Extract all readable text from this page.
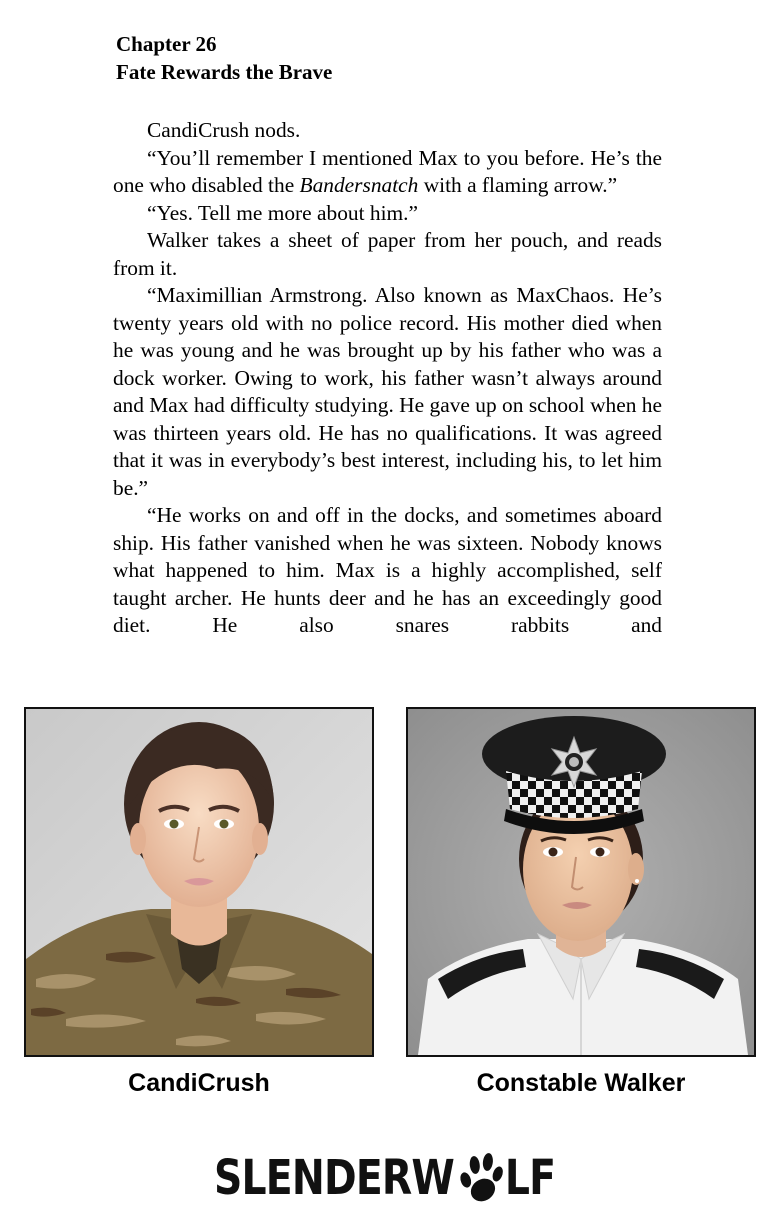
Chapter 26
Fate Rewards the Brave

CandiCrush nods.

“You’ll remember I mentioned Max to you before. He’s the one who disabled the Bandersnatch with a flaming arrow.”

“Yes. Tell me more about him.”

Walker takes a sheet of paper from her pouch, and reads from it.

“Maximillian Armstrong. Also known as MaxChaos. He’s twenty years old with no police record. His mother died when he was young and he was brought up by his father who was a dock worker. Owing to work, his father wasn’t always around and Max had difficulty studying. He gave up on school when he was thirteen years old. He has no qualifications. It was agreed that it was in everybody’s best interest, including his, to let him be.”

“He works on and off in the docks, and sometimes aboard ship. His father vanished when he was sixteen. Nobody knows what happened to him. Max is a highly accomplished, self taught archer. He hunts deer and he has an exceedingly good diet. He also snares rabbits and

CandiCrush	Constable Walker
SLENDERW LF
